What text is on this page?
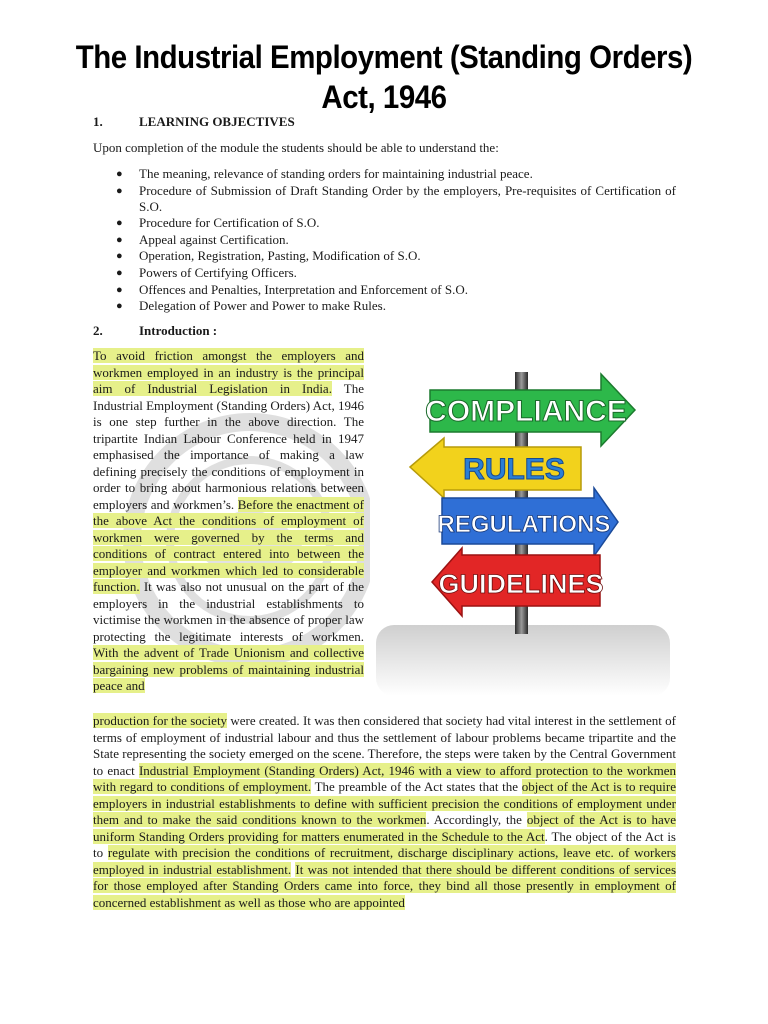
The Industrial Employment (Standing Orders)
Act, 1946
1.	LEARNING OBJECTIVES
Upon completion of the module the students should be able to understand the:
● The meaning, relevance of standing orders for maintaining industrial peace.
● Procedure of Submission of Draft Standing Order by the employers, Pre-requisites of Certification of S.O.
● Procedure for Certification of S.O.
● Appeal against Certification.
● Operation, Registration, Pasting, Modification of S.O.
● Powers of Certifying Officers.
● Offences and Penalties, Interpretation and Enforcement of S.O.
● Delegation of Power and Power to make Rules.
2.	Introduction :

To avoid friction amongst the employers and workmen employed in an industry is the principal aim of Industrial Legislation in India. The Industrial Employment (Standing Orders) Act, 1946 is one step further in the above direction. The tripartite Indian Labour Conference held in 1947 emphasised the importance of making a law defining precisely the conditions of employment in order to bring about harmonious relations between employers and workmen’s. Before the enactment of the above Act the conditions of employment of workmen were governed by the terms and conditions of contract entered into between the employer and workmen which led to considerable function. It was also not unusual on the part of the employers in the industrial establishments to victimise the workmen in the absence of proper law protecting the legitimate interests of workmen. With the advent of Trade Unionism and collective bargaining new problems of maintaining industrial peace and

COMPLIANCE
RULES
REGULATIONS
GUIDELINES

production for the society were created. It was then considered that society had vital interest in the settlement of terms of employment of industrial labour and thus the settlement of labour problems became tripartite and the State representing the society emerged on the scene. Therefore, the steps were taken by the Central Government to enact Industrial Employment (Standing Orders) Act, 1946 with a view to afford protection to the workmen with regard to conditions of employment. The preamble of the Act states that the object of the Act is to require employers in industrial establishments to define with sufficient precision the conditions of employment under them and to make the said conditions known to the workmen. Accordingly, the object of the Act is to have uniform Standing Orders providing for matters enumerated in the Schedule to the Act. The object of the Act is to regulate with precision the conditions of recruitment, discharge disciplinary actions, leave etc. of workers employed in industrial establishment. It was not intended that there should be different conditions of services for those employed after Standing Orders came into force, they bind all those presently in employment of concerned establishment as well as those who are appointed
